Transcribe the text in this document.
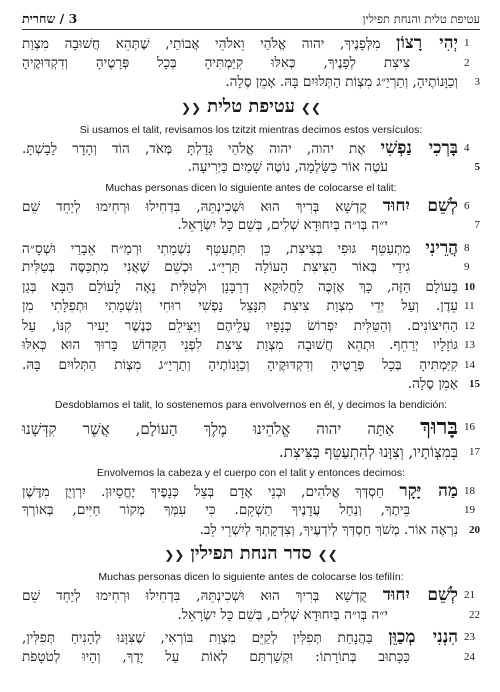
3 / שחרית	עטיפת טלית והנחת תפילין
1
יְהִי רָצוֹן מִלְּפָנֶיךָ, יהוה אֱלֹהַי וֵאלֹהֵי אֲבוֹתַי, שֶׁתְּהֵא חֲשׁוּבָה מִצְוַת
2
צִיצִת לְפָנֶיךָ, כְּאִלּוּ קִיַּמְתִּיהָ בְּכָל פְּרָטֶיהָ וְדִקְדּוּקֶיהָ
3
וְכַוָּנוֹתֶיהָ, וְתַרְיַ״ג מִצְוֹת הַתְּלוּיִם בָּהּ. אָמֵן סֶלָה.
❯❯עטיפת טלית❮❮
Si usamos el talit, revisamos los tzitzit mientras decimos estos versículos:
4
בָּרְכִי נַפְשִׁי אֶת יהוה, יהוה אֱלֹהַי גָּדַלְתָּ מְּאֹד, הוֹד וְהָדָר לָבָשְׁתָּ.
5
עֹטֶה אוֹר כַּשַּׂלְמָה, נוֹטֶה שָׁמַיִם כַּיְרִיעָה.
Muchas personas dicen lo siguiente antes de colocarse el talit:
6
לְשֵׁם יִחוּד קֻדְשָׁא בְּרִיךְ הוּא וּשְׁכִינְתֵּהּ, בִּדְחִילוּ וּרְחִימוּ לְיַחֵד שֵׁם
7
י״ה בְּו״ה בְּיִחוּדָא שְׁלִים, בְּשֵׁם כָּל יִשְׂרָאֵל.
8
הֲרֵינִי מִתְעַטֵּף גּוּפִי בְּצִיצִת, כֵּן תִּתְעַטֵּף נִשְׁמָתִי וּרְמַ״ח אֵבָרַי וּשְׁסָ״ה
9
גִידַי בְּאוֹר הַצִּיצִת הָעוֹלָה תַּרְיַ״ג. וּכְשֵׁם שֶׁאֲנִי מִתְכַּסֶּה בְּטַלִּית
10
בָּעוֹלָם הַזֶּה, כָּךְ אֶזְכֶּה לַחֲלוּקָא דְרַבָּנָן וּלְטַלִּית נָאָה לָעוֹלָם הַבָּא בְּגַן
11
עֵדֶן. וְעַל יְדֵי מִצְוַת צִיצִת תִּנָּצֵל נַפְשִׁי רוּחִי וְנִשְׁמָתִי וּתְפִלָּתִי מִן
12
הַחִיצוֹנִים. וְהַטַּלִּית יִפְרוֹשׂ כְּנָפָיו עֲלֵיהֶם וְיַצִּילֵם כְּנֶשֶׁר יָעִיר קִנּוֹ, עַל
13
גּוֹזָלָיו יְרַחֵף. וּתְהֵא חֲשׁוּבָה מִצְוַת צִיצִת לִפְנֵי הַקָּדוֹשׁ בָּרוּךְ הוּא כְּאִלּוּ
14
קִיַּמְתִּיהָ בְּכָל פְּרָטֶיהָ וְדִקְדּוּקֶיהָ וְכַוָּנוֹתֶיהָ וְתַרְיַ״ג מִצְוֹת הַתְּלוּיִם בָּהּ.
15
אָמֵן סֶלָה.
Desdoblamos el talit, lo sostenemos para envolvernos en él, y decimos la bendición:
16
בָּרוּךְ אַתָּה יהוה אֱלֹהֵינוּ מֶלֶךְ הָעוֹלָם, אֲשֶׁר קִדְּשָׁנוּ
17
בְּמִצְוֹתָיו, וְצִוָּנוּ לְהִתְעַטֵּף בַּצִּיצִת.
Envolvemos la cabeza y el cuerpo con el talit y entonces decimos:
18
מַה יָּקָר חַסְדְּךָ אֱלֹהִים, וּבְנֵי אָדָם בְּצֵל כְּנָפֶיךָ יֶחֱסָיוּן. יִרְוְיֻן מִדֶּשֶׁן
19
בֵּיתֶךָ, וְנַחַל עֲדָנֶיךָ תַשְׁקֵם. כִּי עִמְּךָ מְקוֹר חַיִּים, בְּאוֹרְךָ
20
נִרְאֶה אוֹר. מְשֹׁךְ חַסְדְּךָ לְיֹדְעֶיךָ, וְצִדְקָתְךָ לְיִשְׁרֵי לֵב.
❯❯סדר הנחת תפילין❮❮
Muchas personas dicen lo siguiente antes de colocarse los tefilín:
21
לְשֵׁם יִחוּד קֻדְשָׁא בְּרִיךְ הוּא וּשְׁכִינְתֵּהּ, בִּדְחִילוּ וּרְחִימוּ לְיַחֵד שֵׁם
22
י״ה בְּו״ה בְּיִחוּדָא שְׁלִים, בְּשֵׁם כָּל יִשְׂרָאֵל.
23
הִנְנִי מְכַוֵּן בַּהֲנָחַת תְּפִלִּין לְקַיֵּם מִצְוַת בּוֹרְאִי, שֶׁצִּוָּנוּ לְהָנִיחַ תְּפִלִּין,
24
כַּכָּתוּב בְּתוֹרָתוֹ: וּקְשַׁרְתָּם לְאוֹת עַל יָדֶךָ, וְהָיוּ לְטֹטָפֹת
